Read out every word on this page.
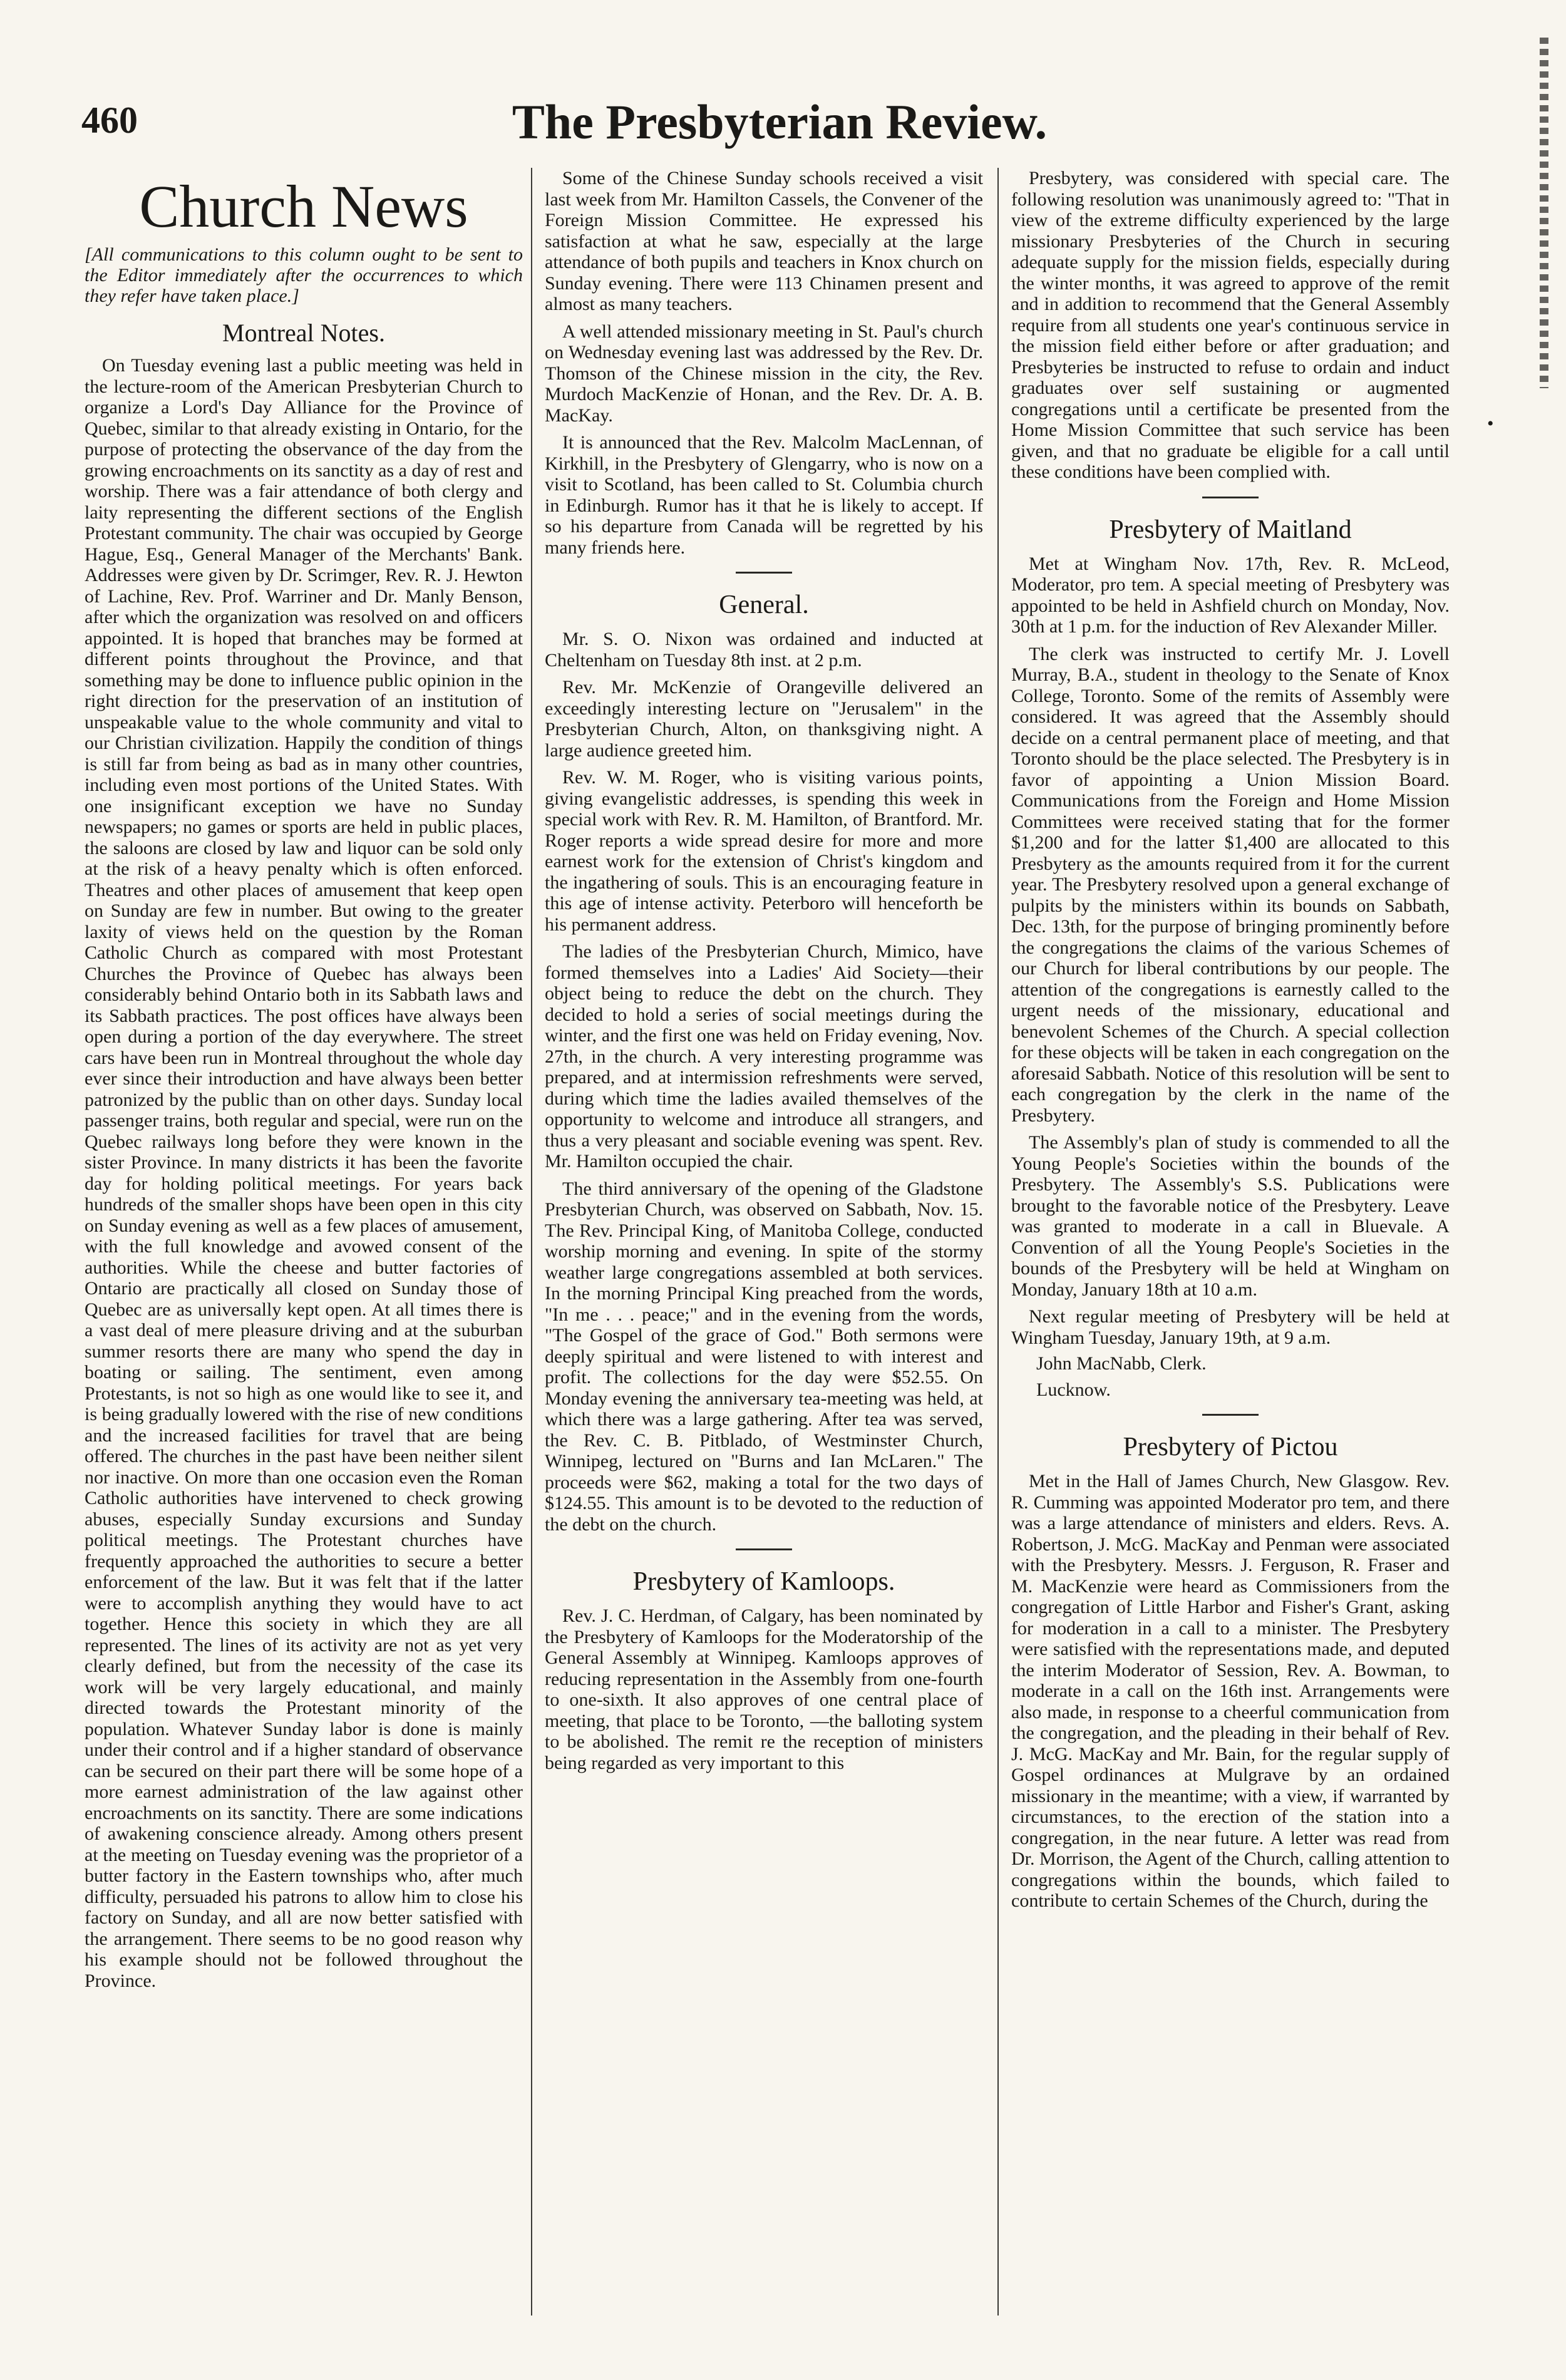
•
460	The Presbyterian Review.
Church News

[All communications to this column ought to be sent to the Editor immediately after the occurrences to which they refer have taken place.]

Montreal Notes.

On Tuesday evening last a public meeting was held in the lecture-room of the American Presbyterian Church to organize a Lord's Day Alliance for the Province of Quebec, similar to that already existing in Ontario, for the purpose of protecting the observance of the day from the growing encroachments on its sanctity as a day of rest and worship. There was a fair attendance of both clergy and laity representing the different sections of the English Protestant community. The chair was occupied by George Hague, Esq., General Manager of the Merchants' Bank. Addresses were given by Dr. Scrimger, Rev. R. J. Hewton of Lachine, Rev. Prof. Warriner and Dr. Manly Benson, after which the organization was resolved on and officers appointed. It is hoped that branches may be formed at different points throughout the Province, and that something may be done to influence public opinion in the right direction for the preservation of an institution of unspeakable value to the whole community and vital to our Christian civilization. Happily the condition of things is still far from being as bad as in many other countries, including even most portions of the United States. With one insignificant exception we have no Sunday newspapers; no games or sports are held in public places, the saloons are closed by law and liquor can be sold only at the risk of a heavy penalty which is often enforced. Theatres and other places of amusement that keep open on Sunday are few in number. But owing to the greater laxity of views held on the question by the Roman Catholic Church as compared with most Protestant Churches the Province of Quebec has always been considerably behind Ontario both in its Sabbath laws and its Sabbath practices. The post offices have always been open during a portion of the day everywhere. The street cars have been run in Montreal throughout the whole day ever since their introduction and have always been better patronized by the public than on other days. Sunday local passenger trains, both regular and special, were run on the Quebec railways long before they were known in the sister Province. In many districts it has been the favorite day for holding political meetings. For years back hundreds of the smaller shops have been open in this city on Sunday evening as well as a few places of amusement, with the full knowledge and avowed consent of the authorities. While the cheese and butter factories of Ontario are practically all closed on Sunday those of Quebec are as universally kept open. At all times there is a vast deal of mere pleasure driving and at the suburban summer resorts there are many who spend the day in boating or sailing. The sentiment, even among Protestants, is not so high as one would like to see it, and is being gradually lowered with the rise of new conditions and the increased facilities for travel that are being offered. The churches in the past have been neither silent nor inactive. On more than one occasion even the Roman Catholic authorities have intervened to check growing abuses, especially Sunday excursions and Sunday political meetings. The Protestant churches have frequently approached the authorities to secure a better enforcement of the law. But it was felt that if the latter were to accomplish anything they would have to act together. Hence this society in which they are all represented. The lines of its activity are not as yet very clearly defined, but from the necessity of the case its work will be very largely educational, and mainly directed towards the Protestant minority of the population. Whatever Sunday labor is done is mainly under their control and if a higher standard of observance can be secured on their part there will be some hope of a more earnest administration of the law against other encroachments on its sanctity. There are some indications of awakening conscience already. Among others present at the meeting on Tuesday evening was the proprietor of a butter factory in the Eastern townships who, after much difficulty, persuaded his patrons to allow him to close his factory on Sunday, and all are now better satisfied with the arrangement. There seems to be no good reason why his example should not be followed throughout the Province.

Some of the Chinese Sunday schools received a visit last week from Mr. Hamilton Cassels, the Convener of the Foreign Mission Committee. He expressed his satisfaction at what he saw, especially at the large attendance of both pupils and teachers in Knox church on Sunday evening. There were 113 Chinamen present and almost as many teachers.

A well attended missionary meeting in St. Paul's church on Wednesday evening last was addressed by the Rev. Dr. Thomson of the Chinese mission in the city, the Rev. Murdoch MacKenzie of Honan, and the Rev. Dr. A. B. MacKay.

It is announced that the Rev. Malcolm MacLennan, of Kirkhill, in the Presbytery of Glengarry, who is now on a visit to Scotland, has been called to St. Columbia church in Edinburgh. Rumor has it that he is likely to accept. If so his departure from Canada will be regretted by his many friends here.

General.

Mr. S. O. Nixon was ordained and inducted at Cheltenham on Tuesday 8th inst. at 2 p.m.

Rev. Mr. McKenzie of Orangeville delivered an exceedingly interesting lecture on "Jerusalem" in the Presbyterian Church, Alton, on thanksgiving night. A large audience greeted him.

Rev. W. M. Roger, who is visiting various points, giving evangelistic addresses, is spending this week in special work with Rev. R. M. Hamilton, of Brantford. Mr. Roger reports a wide spread desire for more and more earnest work for the extension of Christ's kingdom and the ingathering of souls. This is an encouraging feature in this age of intense activity. Peterboro will henceforth be his permanent address.

The ladies of the Presbyterian Church, Mimico, have formed themselves into a Ladies' Aid Society—their object being to reduce the debt on the church. They decided to hold a series of social meetings during the winter, and the first one was held on Friday evening, Nov. 27th, in the church. A very interesting programme was prepared, and at intermission refreshments were served, during which time the ladies availed themselves of the opportunity to welcome and introduce all strangers, and thus a very pleasant and sociable evening was spent. Rev. Mr. Hamilton occupied the chair.

The third anniversary of the opening of the Gladstone Presbyterian Church, was observed on Sabbath, Nov. 15. The Rev. Principal King, of Manitoba College, conducted worship morning and evening. In spite of the stormy weather large congregations assembled at both services. In the morning Principal King preached from the words, "In me . . . peace;" and in the evening from the words, "The Gospel of the grace of God." Both sermons were deeply spiritual and were listened to with interest and profit. The collections for the day were $52.55. On Monday evening the anniversary tea-meeting was held, at which there was a large gathering. After tea was served, the Rev. C. B. Pitblado, of Westminster Church, Winnipeg, lectured on "Burns and Ian McLaren." The proceeds were $62, making a total for the two days of $124.55. This amount is to be devoted to the reduction of the debt on the church.

Presbytery of Kamloops.

Rev. J. C. Herdman, of Calgary, has been nominated by the Presbytery of Kamloops for the Moderatorship of the General Assembly at Winnipeg. Kamloops approves of reducing representation in the Assembly from one-fourth to one-sixth. It also approves of one central place of meeting, that place to be Toronto, —the balloting system to be abolished. The remit re the reception of ministers being regarded as very important to this

Presbytery, was considered with special care. The following resolution was unanimously agreed to: "That in view of the extreme difficulty experienced by the large missionary Presbyteries of the Church in securing adequate supply for the mission fields, especially during the winter months, it was agreed to approve of the remit and in addition to recommend that the General Assembly require from all students one year's continuous service in the mission field either before or after graduation; and Presbyteries be instructed to refuse to ordain and induct graduates over self sustaining or augmented congregations until a certificate be presented from the Home Mission Committee that such service has been given, and that no graduate be eligible for a call until these conditions have been complied with.

Presbytery of Maitland

Met at Wingham Nov. 17th, Rev. R. McLeod, Moderator, pro tem. A special meeting of Presbytery was appointed to be held in Ashfield church on Monday, Nov. 30th at 1 p.m. for the induction of Rev Alexander Miller.

The clerk was instructed to certify Mr. J. Lovell Murray, B.A., student in theology to the Senate of Knox College, Toronto. Some of the remits of Assembly were considered. It was agreed that the Assembly should decide on a central permanent place of meeting, and that Toronto should be the place selected. The Presbytery is in favor of appointing a Union Mission Board. Communications from the Foreign and Home Mission Committees were received stating that for the former $1,200 and for the latter $1,400 are allocated to this Presbytery as the amounts required from it for the current year. The Presbytery resolved upon a general exchange of pulpits by the ministers within its bounds on Sabbath, Dec. 13th, for the purpose of bringing prominently before the congregations the claims of the various Schemes of our Church for liberal contributions by our people. The attention of the congregations is earnestly called to the urgent needs of the missionary, educational and benevolent Schemes of the Church. A special collection for these objects will be taken in each congregation on the aforesaid Sabbath. Notice of this resolution will be sent to each congregation by the clerk in the name of the Presbytery.

The Assembly's plan of study is commended to all the Young People's Societies within the bounds of the Presbytery. The Assembly's S.S. Publications were brought to the favorable notice of the Presbytery. Leave was granted to moderate in a call in Bluevale. A Convention of all the Young People's Societies in the bounds of the Presbytery will be held at Wingham on Monday, January 18th at 10 a.m.

Next regular meeting of Presbytery will be held at Wingham Tuesday, January 19th, at 9 a.m.

John MacNabb, Clerk.

Lucknow.

Presbytery of Pictou

Met in the Hall of James Church, New Glasgow. Rev. R. Cumming was appointed Moderator pro tem, and there was a large attendance of ministers and elders. Revs. A. Robertson, J. McG. MacKay and Penman were associated with the Presbytery. Messrs. J. Ferguson, R. Fraser and M. MacKenzie were heard as Commissioners from the congregation of Little Harbor and Fisher's Grant, asking for moderation in a call to a minister. The Presbytery were satisfied with the representations made, and deputed the interim Moderator of Session, Rev. A. Bowman, to moderate in a call on the 16th inst. Arrangements were also made, in response to a cheerful communication from the congregation, and the pleading in their behalf of Rev. J. McG. MacKay and Mr. Bain, for the regular supply of Gospel ordinances at Mulgrave by an ordained missionary in the meantime; with a view, if warranted by circumstances, to the erection of the station into a congregation, in the near future. A letter was read from Dr. Morrison, the Agent of the Church, calling attention to congregations within the bounds, which failed to contribute to certain Schemes of the Church, during the
